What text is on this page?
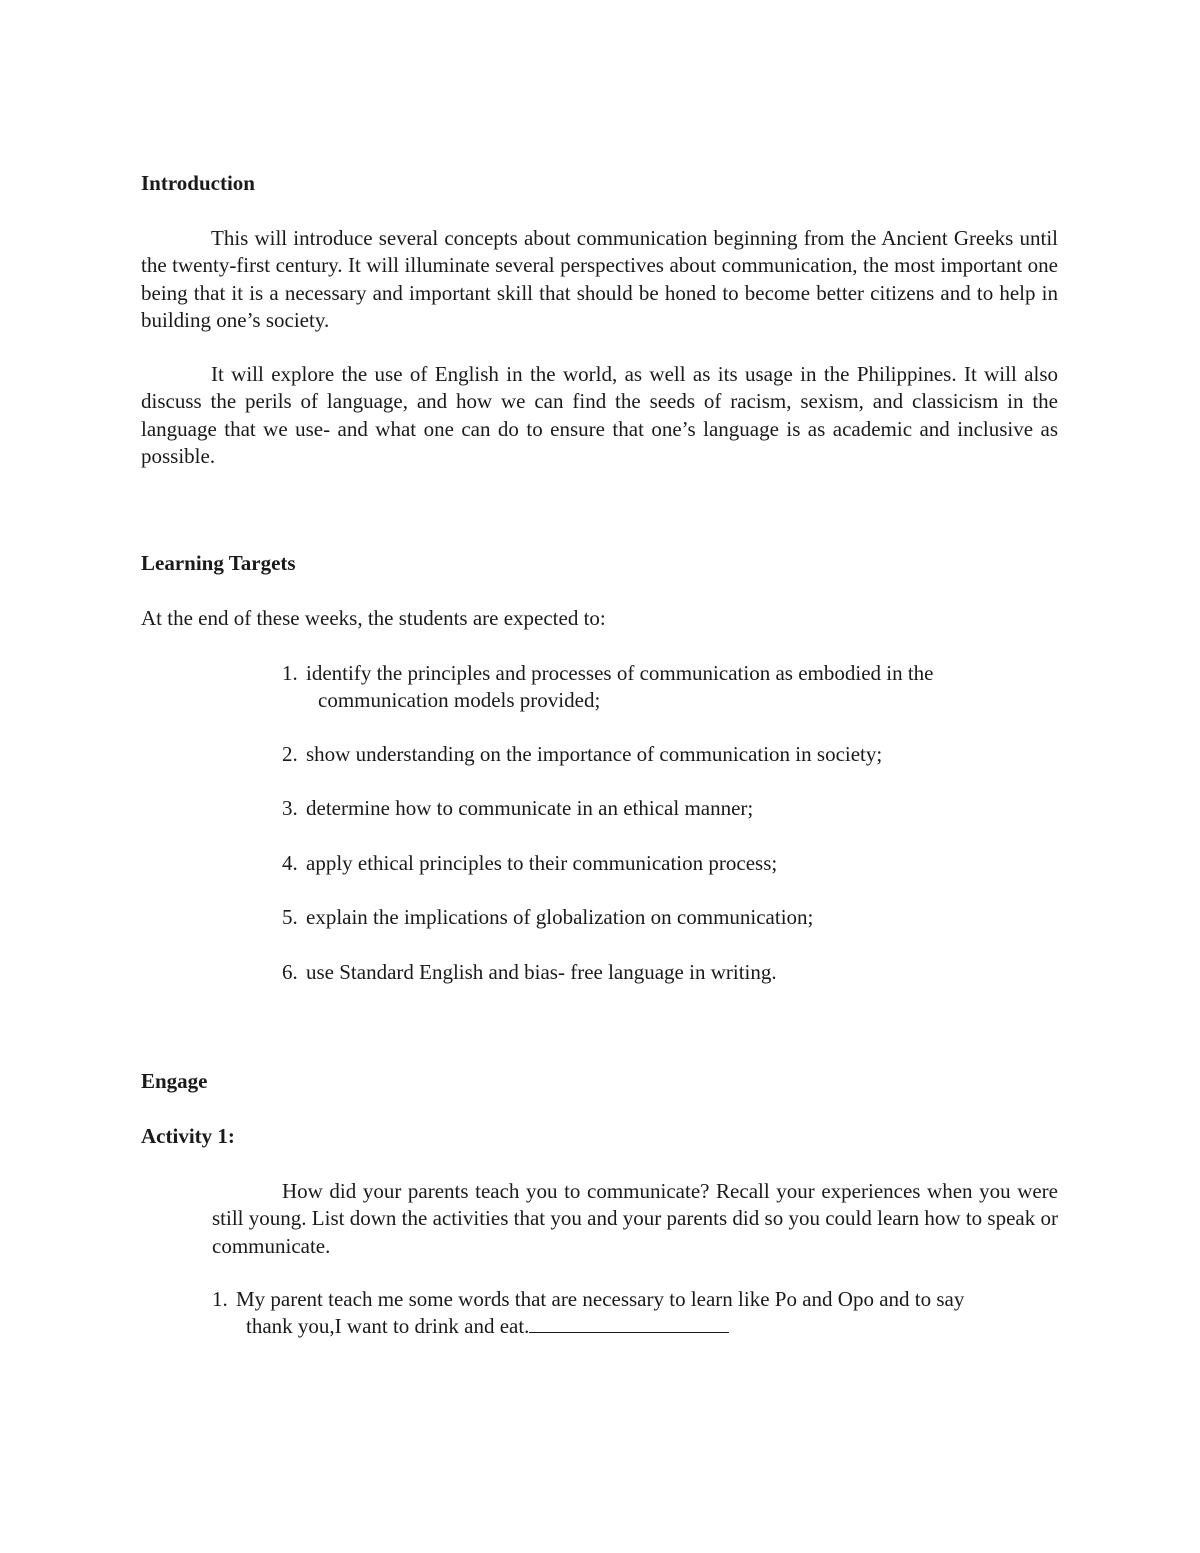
Introduction

This will introduce several concepts about communication beginning from the Ancient Greeks until the twenty-first century. It will illuminate several perspectives about communication, the most important one being that it is a necessary and important skill that should be honed to become better citizens and to help in building one’s society.

It will explore the use of English in the world, as well as its usage in the Philippines. It will also discuss the perils of language, and how we can find the seeds of racism, sexism, and classicism in the language that we use- and what one can do to ensure that one’s language is as academic and inclusive as possible.

Learning Targets

At the end of these weeks, the students are expected to:

1. identify the principles and processes of communication as embodied in the
communication models provided;
2. show understanding on the importance of communication in society;
3. determine how to communicate in an ethical manner;
4. apply ethical principles to their communication process;
5. explain the implications of globalization on communication;
6. use Standard English and bias- free language in writing.
Engage
Activity 1:

How did your parents teach you to communicate? Recall your experiences when you were still young. List down the activities that you and your parents did so you could learn how to speak or communicate.

1. My parent teach me some words that are necessary to learn like Po and Opo and to say
thank you,I want to drink and eat.
